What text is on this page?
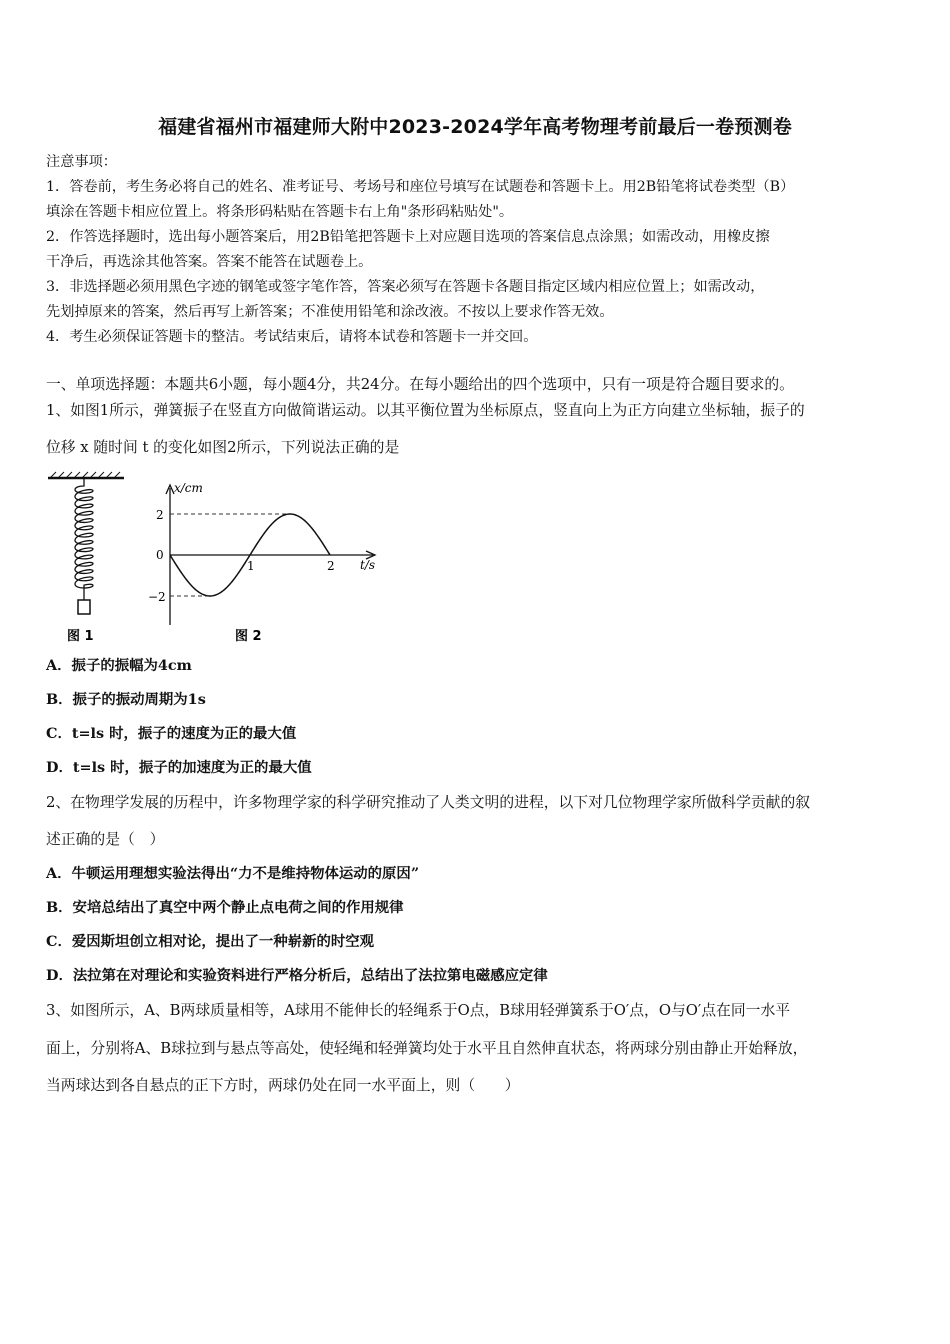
福建省福州市福建师大附中2023-2024学年高考物理考前最后一卷预测卷
注意事项：
1．答卷前，考生务必将自己的姓名、准考证号、考场号和座位号填写在试题卷和答题卡上。用2B铅笔将试卷类型（B）
填涂在答题卡相应位置上。将条形码粘贴在答题卡右上角"条形码粘贴处"。
2．作答选择题时，选出每小题答案后，用2B铅笔把答题卡上对应题目选项的答案信息点涂黑；如需改动，用橡皮擦
干净后，再选涂其他答案。答案不能答在试题卷上。
3．非选择题必须用黑色字迹的钢笔或签字笔作答，答案必须写在答题卡各题目指定区域内相应位置上；如需改动，
先划掉原来的答案，然后再写上新答案；不准使用铅笔和涂改液。不按以上要求作答无效。
4．考生必须保证答题卡的整洁。考试结束后，请将本试卷和答题卡一并交回。
一、单项选择题：本题共6小题，每小题4分，共24分。在每小题给出的四个选项中，只有一项是符合题目要求的。
1、如图1所示，弹簧振子在竖直方向做简谐运动。以其平衡位置为坐标原点，竖直向上为正方向建立坐标轴，振子的
位移 x 随时间 t 的变化如图2所示，下列说法正确的是
图 1
x/cm
t/s
2
0
−2
1	2
图 2
A．振子的振幅为4cm
B．振子的振动周期为1s
C．t=ls 时，振子的速度为正的最大值
D．t=ls 时，振子的加速度为正的最大值
2、在物理学发展的历程中，许多物理学家的科学研究推动了人类文明的进程，以下对几位物理学家所做科学贡献的叙
述正确的是（　）
A．牛顿运用理想实验法得出“力不是维持物体运动的原因”
B．安培总结出了真空中两个静止点电荷之间的作用规律
C．爱因斯坦创立相对论，提出了一种崭新的时空观
D．法拉第在对理论和实验资料进行严格分析后，总结出了法拉第电磁感应定律
3、如图所示，A、B两球质量相等，A球用不能伸长的轻绳系于O点，B球用轻弹簧系于O′点，O与O′点在同一水平
面上，分别将A、B球拉到与悬点等高处，使轻绳和轻弹簧均处于水平且自然伸直状态，将两球分别由静止开始释放，
当两球达到各自悬点的正下方时，两球仍处在同一水平面上，则（　　）
